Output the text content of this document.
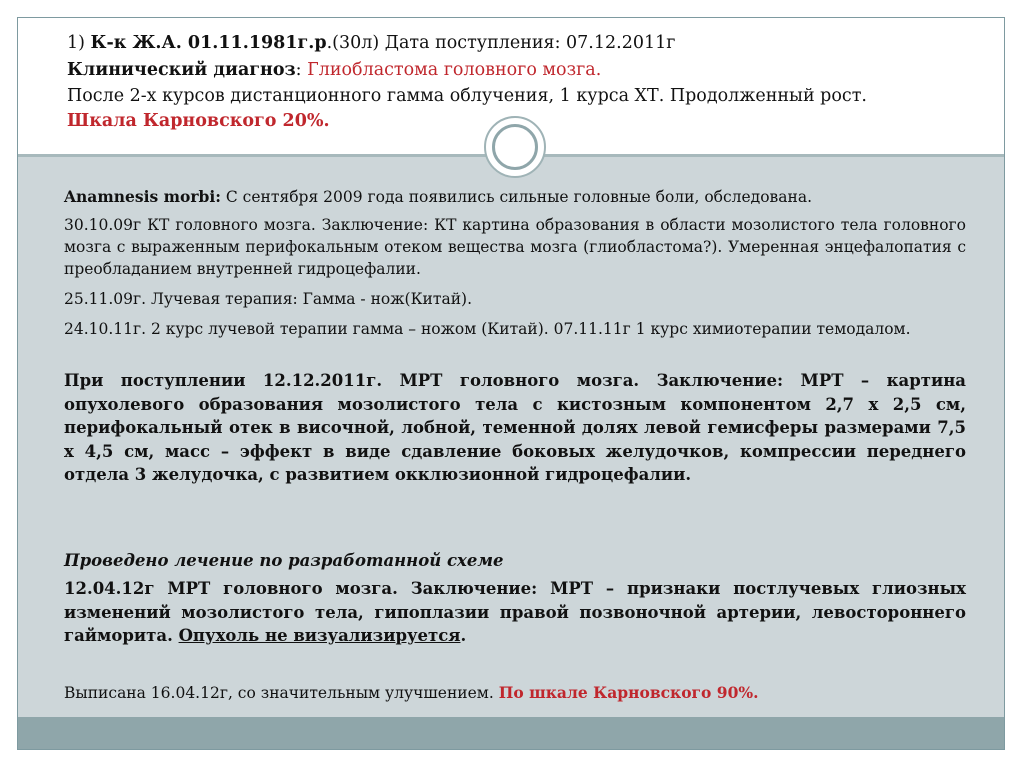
1) К-к Ж.А. 01.11.1981г.р.(30л) Дата поступления: 07.12.2011г
Клинический диагноз: Глиобластома головного мозга.
После 2-х курсов дистанционного гамма облучения, 1 курса ХТ. Продолженный рост.
Шкала Карновского 20%.
Anamnesis morbi: С сентября 2009 года появились сильные головные боли, обследована.
30.10.09г КТ головного мозга. Заключение: КТ картина образования в области мозолистого тела головного мозга с выраженным перифокальным отеком вещества мозга (глиобластома?). Умеренная энцефалопатия с преобладанием внутренней гидроцефалии.
25.11.09г. Лучевая терапия: Гамма - нож(Китай).
24.10.11г. 2 курс лучевой терапии гамма – ножом (Китай). 07.11.11г 1 курс химиотерапии темодалом.
При поступлении 12.12.2011г. МРТ головного мозга. Заключение: МРТ – картина опухолевого образования мозолистого тела с кистозным компонентом 2,7 х 2,5 см, перифокальный отек в височной, лобной, теменной долях левой гемисферы размерами 7,5 х 4,5 см, масс – эффект в виде сдавление боковых желудочков, компрессии переднего отдела 3 желудочка, с развитием окклюзионной гидроцефалии.
Проведено лечение по разработанной схеме
12.04.12г МРТ головного мозга. Заключение: МРТ – признаки постлучевых глиозных изменений мозолистого тела, гипоплазии правой позвоночной артерии, левостороннего гайморита. Опухоль не визуализируется.
Выписана 16.04.12г, со значительным улучшением. По шкале Карновского 90%.
